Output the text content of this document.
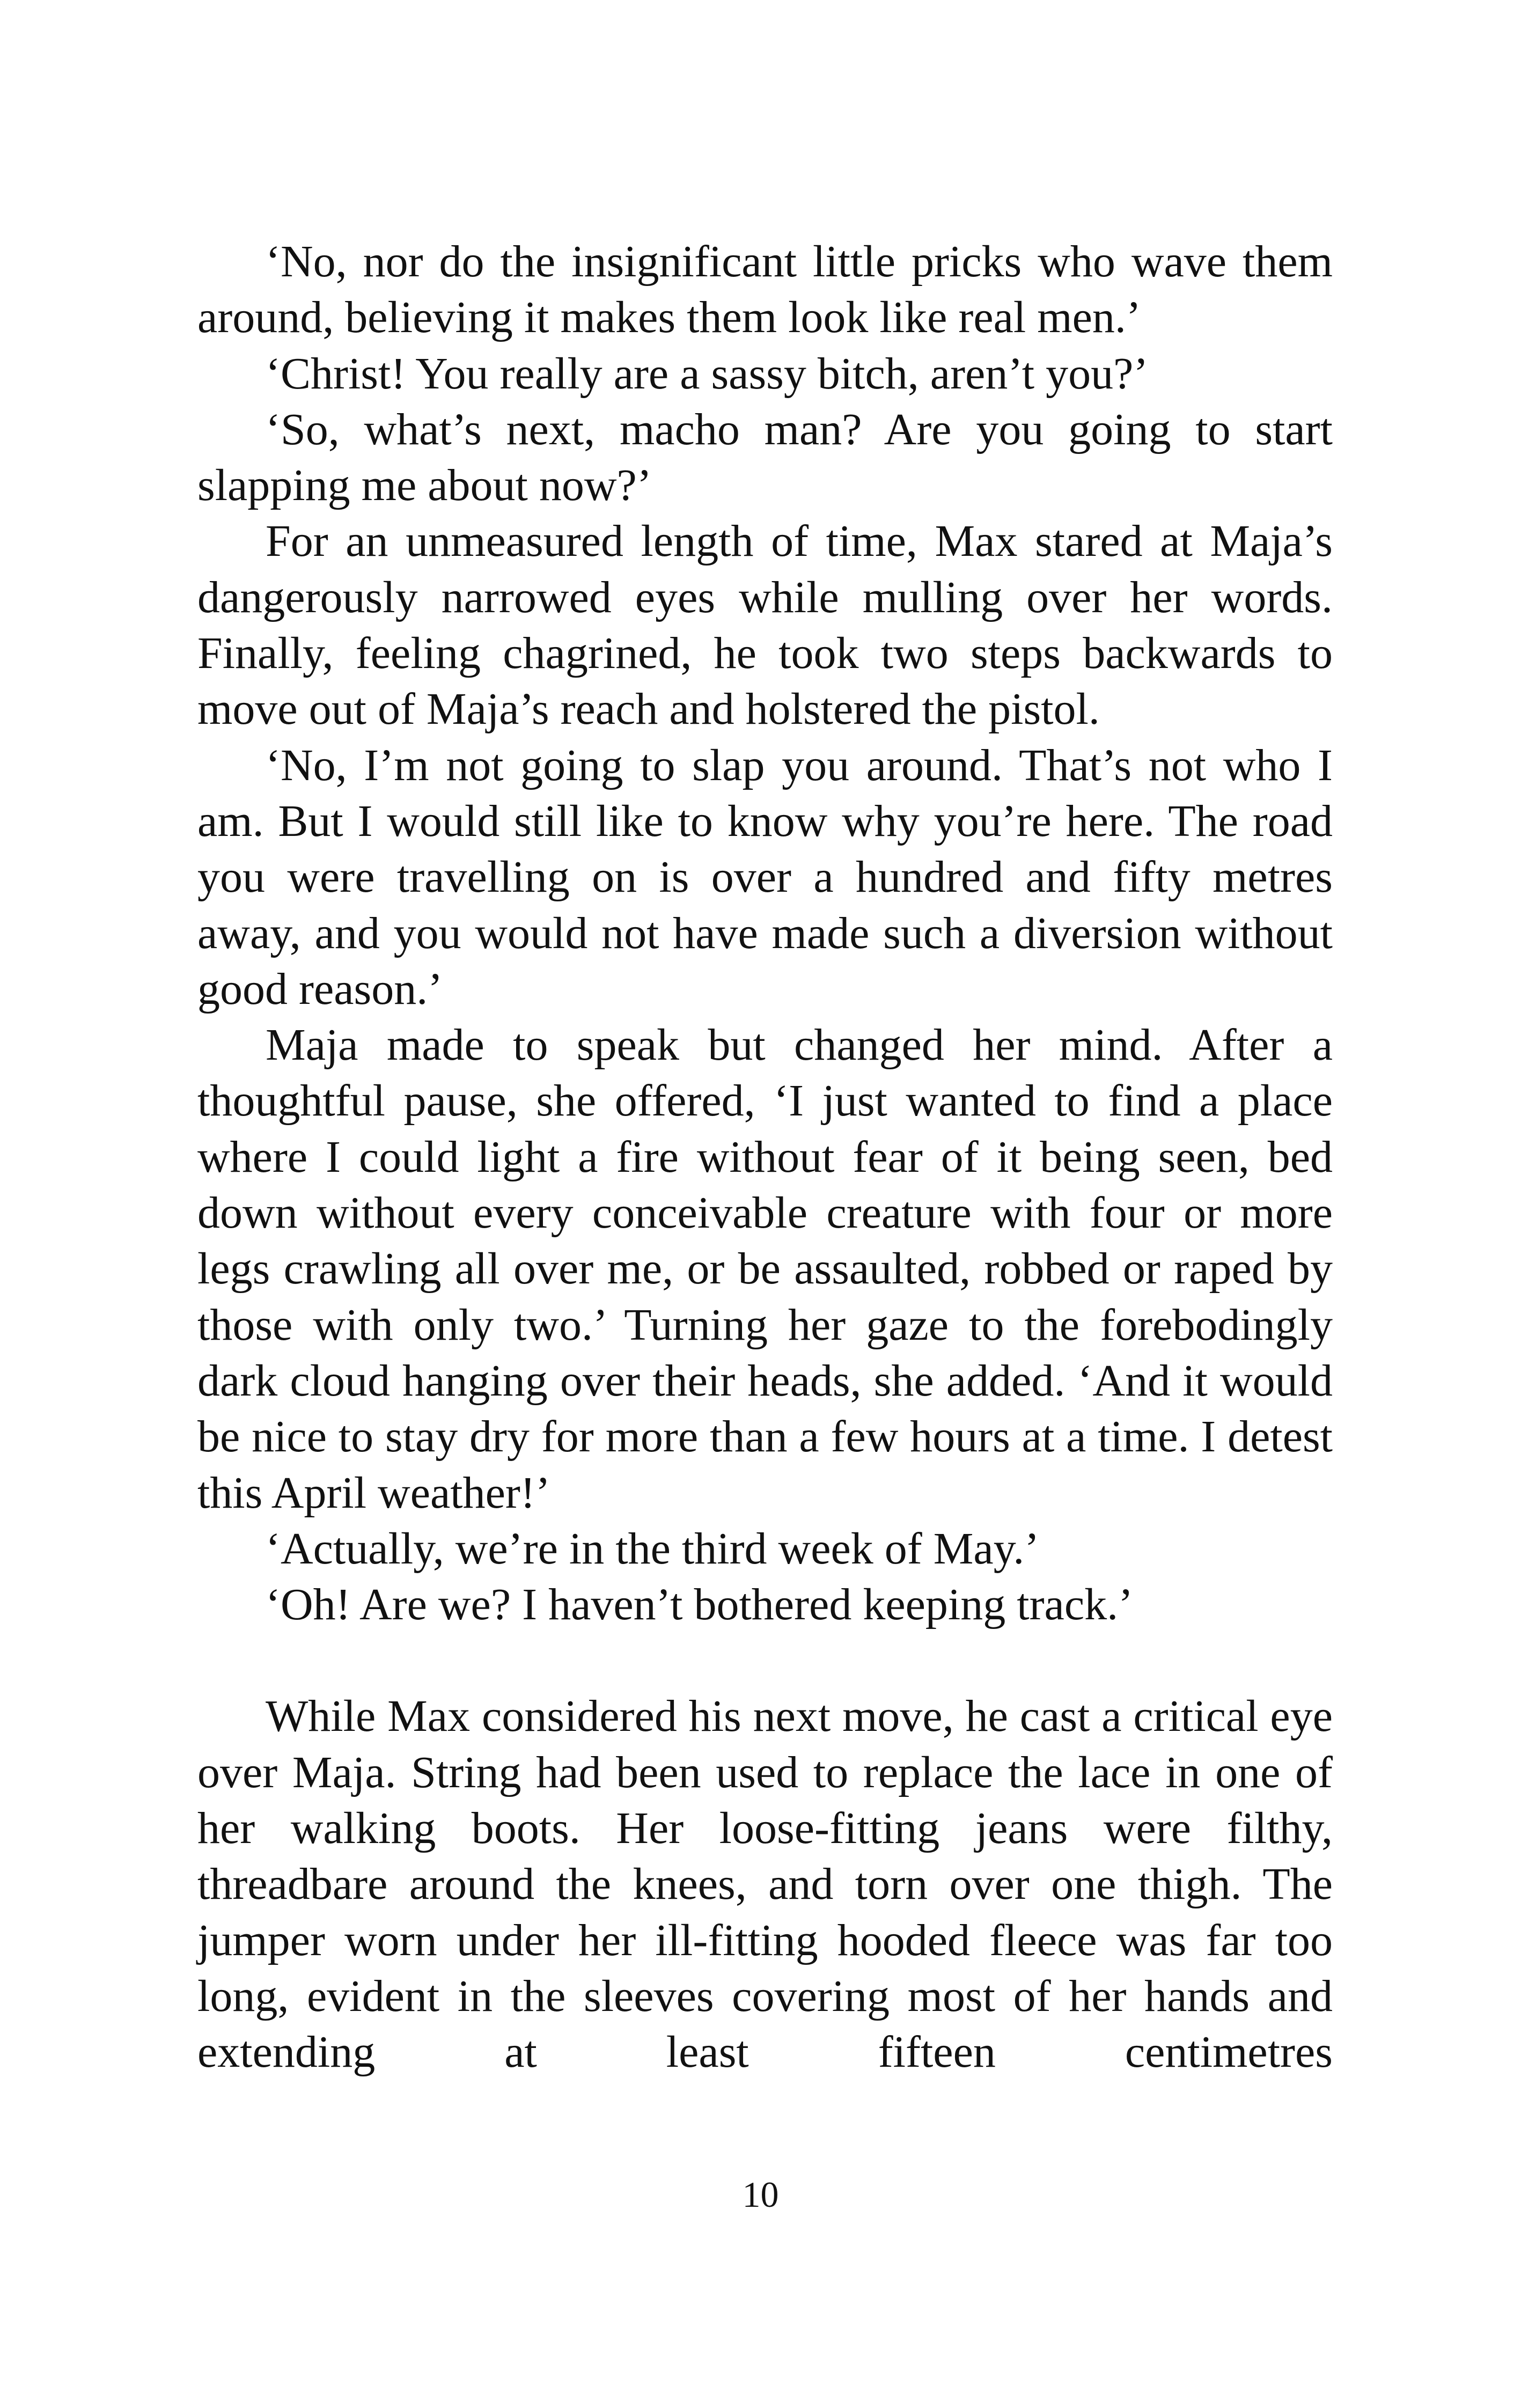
‘No, nor do the insignificant little pricks who wave them around, believing it makes them look like real men.’

‘Christ! You really are a sassy bitch, aren’t you?’

‘So, what’s next, macho man? Are you going to start slapping me about now?’

For an unmeasured length of time, Max stared at Maja’s dangerously narrowed eyes while mulling over her words. Finally, feeling chagrined, he took two steps backwards to move out of Maja’s reach and holstered the pistol.

‘No, I’m not going to slap you around. That’s not who I am. But I would still like to know why you’re here. The road you were travelling on is over a hundred and fifty metres away, and you would not have made such a diversion without good reason.’

Maja made to speak but changed her mind. After a thoughtful pause, she offered, ‘I just wanted to find a place where I could light a fire without fear of it being seen, bed down without every conceivable creature with four or more legs crawling all over me, or be assaulted, robbed or raped by those with only two.’ Turning her gaze to the forebodingly dark cloud hanging over their heads, she added. ‘And it would be nice to stay dry for more than a few hours at a time. I detest this April weather!’

‘Actually, we’re in the third week of May.’

‘Oh! Are we? I haven’t bothered keeping track.’

While Max considered his next move, he cast a critical eye over Maja. String had been used to replace the lace in one of her walking boots. Her loose-fitting jeans were filthy, threadbare around the knees, and torn over one thigh. The jumper worn under her ill-fitting hooded fleece was far too long, evident in the sleeves covering most of her hands and extending at least fifteen centimetres

10
